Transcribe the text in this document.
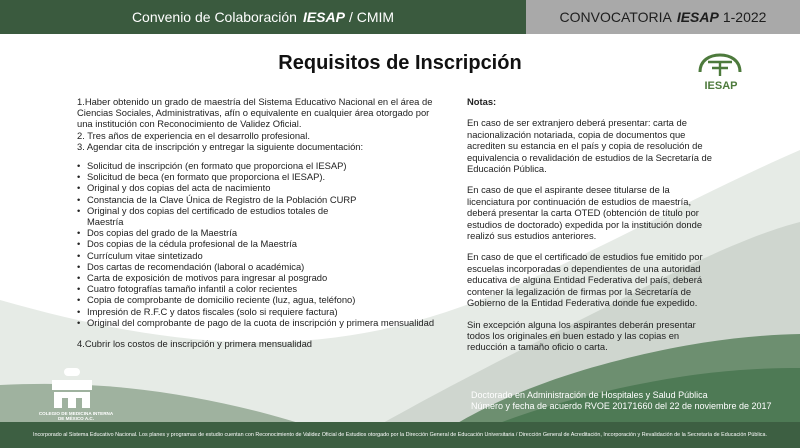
Convenio de Colaboración IESAP / CMIM	CONVOCATORIA IESAP 1-2022
Requisitos de Inscripción
IESAP

1.Haber obtenido un grado de maestría del Sistema Educativo Nacional en el área de Ciencias Sociales, Administrativas, afín o equivalente en cualquier área otorgado por una institución con Reconocimiento de Validez Oficial.

2. Tres años de experiencia en el desarrollo profesional.

3. Agendar cita de inscripción y entregar la siguiente documentación:

• Solicitud de inscripción (en formato que proporciona el IESAP)
• Solicitud de beca (en formato que proporciona el IESAP).
• Original y dos copias del acta de nacimiento
• Constancia de la Clave Única de Registro de la Población CURP
• Original y dos copias del certificado de estudios totales de Maestría
• Dos copias del grado de la Maestría
• Dos copias de la cédula profesional de la Maestría
• Currículum vitae sintetizado
• Dos cartas de recomendación (laboral o académica)
• Carta de exposición de motivos para ingresar al posgrado
• Cuatro fotografías tamaño infantil a color recientes
• Copia de comprobante de domicilio reciente (luz, agua, teléfono)
• Impresión de R.F.C y datos fiscales (solo si requiere factura)
• Original del comprobante de pago de la cuota de inscripción y primera mensualidad

4.Cubrir los costos de inscripción y primera mensualidad

Notas:

En caso de ser extranjero deberá presentar: carta de nacionalización notariada, copia de documentos que acrediten su estancia en el país y copia de resolución de equivalencia o revalidación de estudios de la Secretaría de Educación Pública.

En caso de que el aspirante desee titularse de la licenciatura por continuación de estudios de maestría, deberá presentar la carta OTED (obtención de título por estudios de doctorado) expedida por la institución donde realizó sus estudios anteriores.

En caso de que el certificado de estudios fue emitido por escuelas incorporadas o dependientes de una autoridad educativa de alguna Entidad Federativa del país, deberá contener la legalización de firmas por la Secretaría de Gobierno de la Entidad Federativa donde fue expedido.

Sin excepción alguna los aspirantes deberán presentar todos los originales en buen estado y las copias en reducción a tamaño oficio o carta.

Doctorado en Administración de Hospitales y Salud Pública
Número y fecha de acuerdo RVOE 20171660 del 22 de noviembre de 2017
COLEGIO DE MEDICINA INTERNA DE MÉXICO A.C.
Incorporado al Sistema Educativo Nacional. Los planes y programas de estudio cuentan con Reconocimiento de Validez Oficial de Estudios otorgado por la Dirección General de Educación Universitaria / Dirección General de Acreditación, Incorporación y Revalidación de la Secretaría de Educación Pública.
